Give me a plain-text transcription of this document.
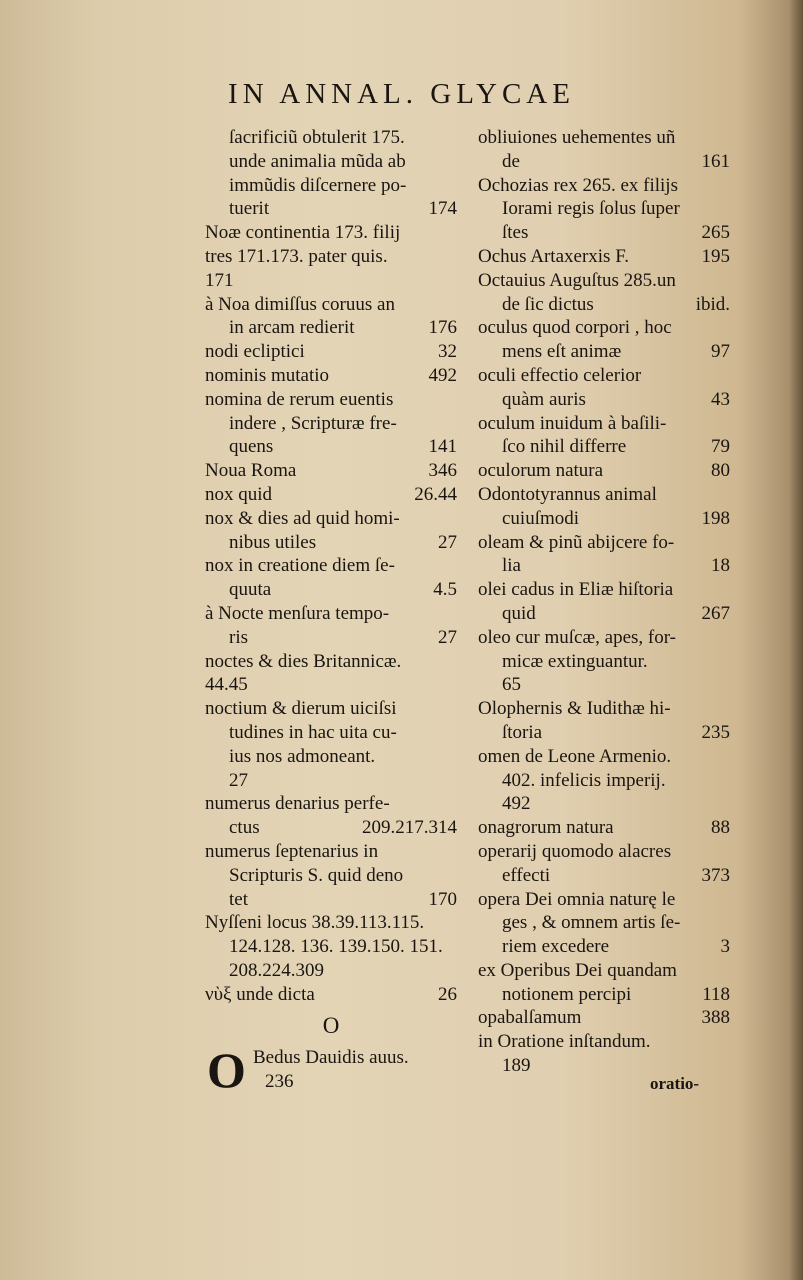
IN ANNAL. GLYCAE
ſacrificiũ obtulerit 175.
unde animalia mũda ab
immũdis diſcernere po-
tuerit	174
Noæ continentia 173. filij
tres 171.173. pater quis.
171
à Noa dimiſſus coruus an
in arcam redierit	176
nodi ecliptici	32
nominis mutatio	492
nomina de rerum euentis
indere , Scripturæ fre-
quens	141
Noua Roma	346
nox quid	26.44
nox & dies ad quid homi-
nibus utiles	27
nox in creatione diem ſe-
quuta	4.5
à Nocte menſura tempo-
ris	27
noctes & dies Britannicæ.
44.45
noctium & dierum uiciſsi
tudines in hac uita cu-
ius nos admoneant.
27
numerus denarius perfe-
ctus	209.217.314
numerus ſeptenarius in
Scripturis S. quid deno
tet	170
Nyſſeni locus 38.39.113.115.
124.128. 136. 139.150. 151.
208.224.309
νὺξ unde dicta	26
O
O Bedus Dauidis auus.
236
obliuiones uehementes uñ
de	161
Ochozias rex 265. ex filijs
Iorami regis ſolus ſuper
ſtes	265
Ochus Artaxerxis F.	195
Octauius Auguſtus 285.un
de ſic dictus	ibid.
oculus quod corpori , hoc
mens eſt animæ	97
oculi effectio celerior
quàm auris	43
oculum inuidum à baſili-
ſco nihil differre	79
oculorum natura	80
Odontotyrannus animal
cuiuſmodi	198
oleam & pinũ abijcere fo-
lia	18
olei cadus in Eliæ hiſtoria
quid	267
oleo cur muſcæ, apes, for-
micæ extinguantur.
65
Olophernis & Iudithæ hi-
ſtoria	235
omen de Leone Armenio.
402. infelicis imperij.
492
onagrorum natura	88
operarij quomodo alacres
effecti	373
opera Dei omnia naturę le
ges , & omnem artis ſe-
riem excedere	3
ex Operibus Dei quandam
notionem percipi	118
opabalſamum	388
in Oratione inſtandum.
189
oratio-
